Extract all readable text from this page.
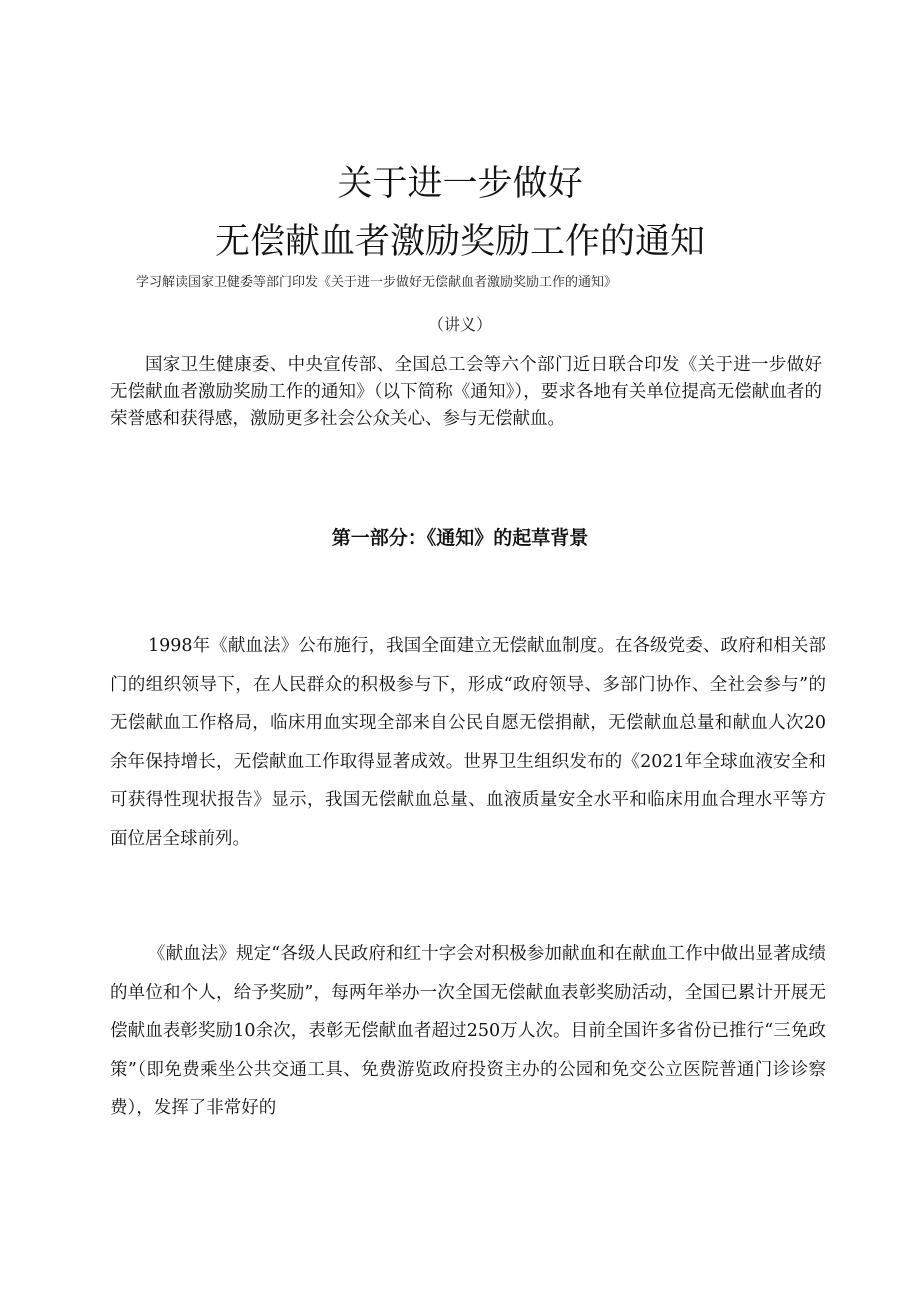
关于进一步做好
无偿献血者激励奖励工作的通知
学习解读国家卫健委等部门印发《关于进一步做好无偿献血者激励奖励工作的通知》
（讲义）

国家卫生健康委、中央宣传部、全国总工会等六个部门近日联合印发《关于进一步做好无偿献血者激励奖励工作的通知》（以下简称《通知》），要求各地有关单位提高无偿献血者的荣誉感和获得感，激励更多社会公众关心、参与无偿献血。

第一部分：《通知》的起草背景

1998年《献血法》公布施行，我国全面建立无偿献血制度。在各级党委、政府和相关部门的组织领导下，在人民群众的积极参与下，形成“政府领导、多部门协作、全社会参与”的无偿献血工作格局，临床用血实现全部来自公民自愿无偿捐献，无偿献血总量和献血人次20余年保持增长，无偿献血工作取得显著成效。世界卫生组织发布的《2021年全球血液安全和可获得性现状报告》显示，我国无偿献血总量、血液质量安全水平和临床用血合理水平等方面位居全球前列。

《献血法》规定“各级人民政府和红十字会对积极参加献血和在献血工作中做出显著成绩的单位和个人，给予奖励”，每两年举办一次全国无偿献血表彰奖励活动，全国已累计开展无偿献血表彰奖励10余次，表彰无偿献血者超过250万人次。目前全国许多省份已推行“三免政策”（即免费乘坐公共交通工具、免费游览政府投资主办的公园和免交公立医院普通门诊诊察费），发挥了非常好的
